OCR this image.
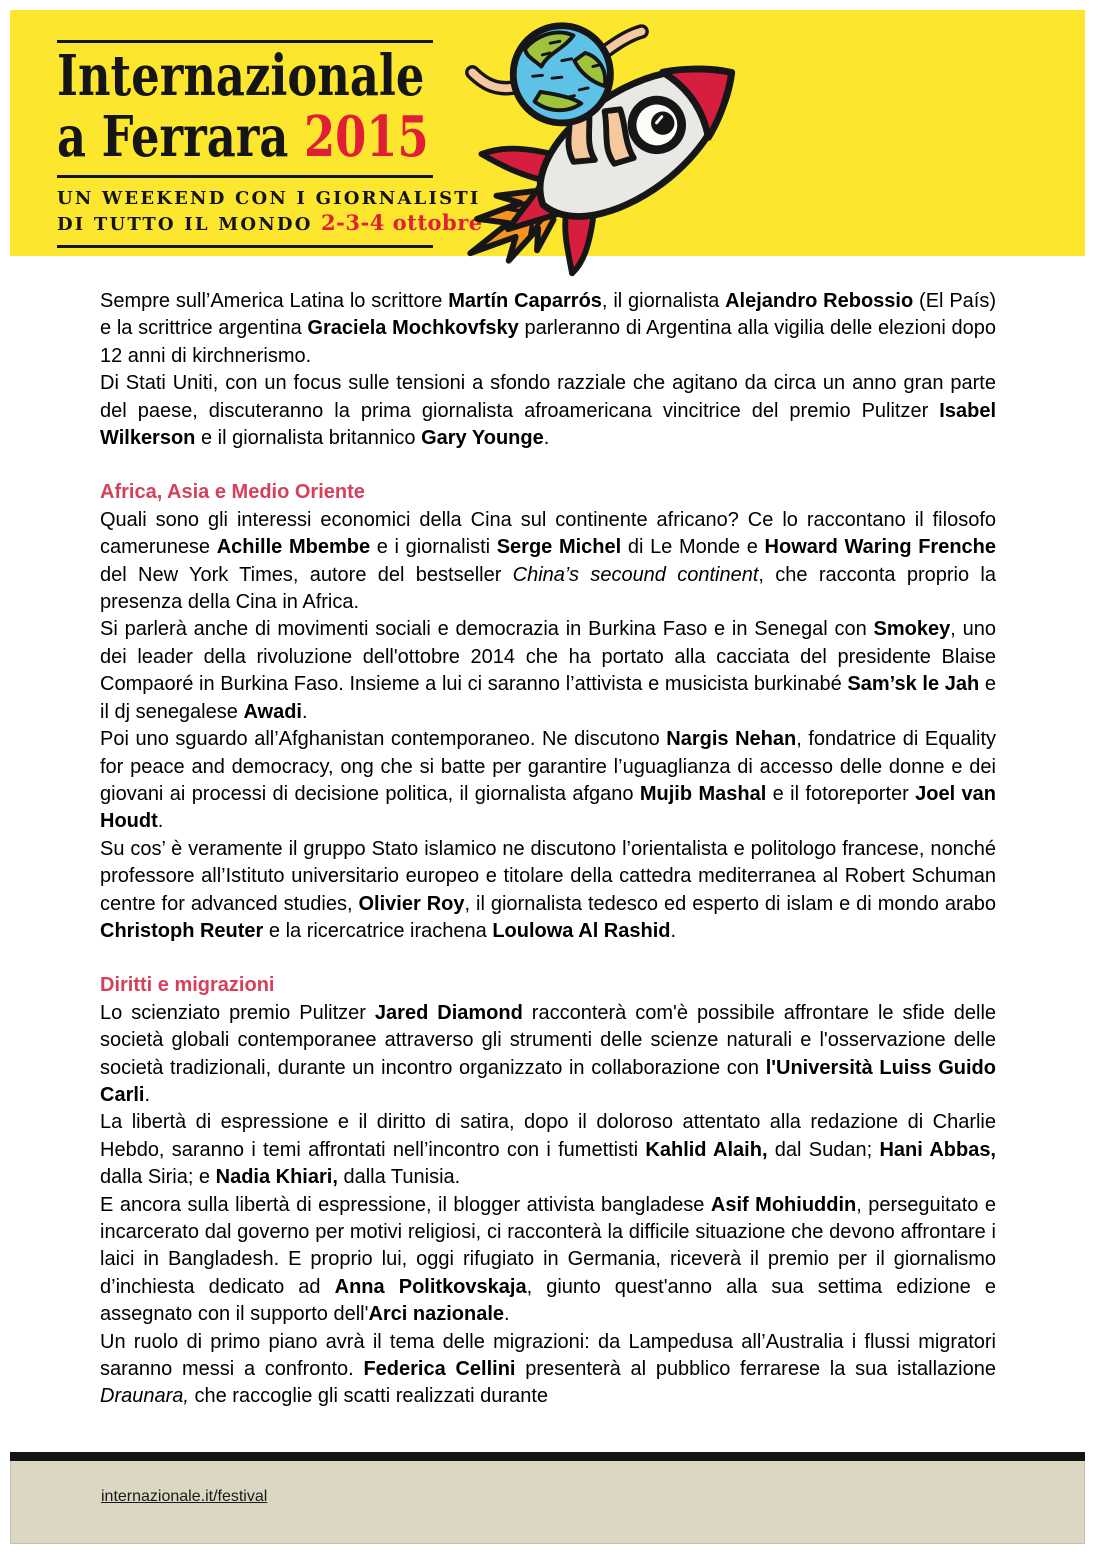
Internazionale
a Ferrara 2015
UN WEEKEND CON I GIORNALISTI
DI TUTTO IL MONDO 2-3-4 ottobre

Sempre sull’America Latina lo scrittore Martín Caparrós, il giornalista Alejandro Rebossio (El País) e la scrittrice argentina Graciela Mochkovfsky parleranno di Argentina alla vigilia delle elezioni dopo 12 anni di kirchnerismo.

Di Stati Uniti, con un focus sulle tensioni a sfondo razziale che agitano da circa un anno gran parte del paese, discuteranno la prima giornalista afroamericana vincitrice del premio Pulitzer Isabel Wilkerson e il giornalista britannico Gary Younge.

Africa, Asia e Medio Oriente

Quali sono gli interessi economici della Cina sul continente africano? Ce lo raccontano il filosofo camerunese Achille Mbembe e i giornalisti Serge Michel di Le Monde e Howard Waring Frenche del New York Times, autore del bestseller China’s secound continent, che racconta proprio la presenza della Cina in Africa.

Si parlerà anche di movimenti sociali e democrazia in Burkina Faso e in Senegal con Smokey, uno dei leader della rivoluzione dell'ottobre 2014 che ha portato alla cacciata del presidente Blaise Compaoré in Burkina Faso. Insieme a lui ci saranno l’attivista e musicista burkinabé Sam’sk le Jah e il dj senegalese Awadi.

Poi uno sguardo all’Afghanistan contemporaneo. Ne discutono Nargis Nehan, fondatrice di Equality for peace and democracy, ong che si batte per garantire l’uguaglianza di accesso delle donne e dei giovani ai processi di decisione politica, il giornalista afgano Mujib Mashal e il fotoreporter Joel van Houdt.

Su cos’ è veramente il gruppo Stato islamico ne discutono l’orientalista e politologo francese, nonché professore all’Istituto universitario europeo e titolare della cattedra mediterranea al Robert Schuman centre for advanced studies, Olivier Roy, il giornalista tedesco ed esperto di islam e di mondo arabo Christoph Reuter e la ricercatrice irachena Loulowa Al Rashid.

Diritti e migrazioni

Lo scienziato premio Pulitzer Jared Diamond racconterà com'è possibile affrontare le sfide delle società globali contemporanee attraverso gli strumenti delle scienze naturali e l'osservazione delle società tradizionali, durante un incontro organizzato in collaborazione con l'Università Luiss Guido Carli.

La libertà di espressione e il diritto di satira, dopo il doloroso attentato alla redazione di Charlie Hebdo, saranno i temi affrontati nell’incontro con i fumettisti Kahlid Alaih, dal Sudan; Hani Abbas, dalla Siria; e Nadia Khiari, dalla Tunisia.

E ancora sulla libertà di espressione, il blogger attivista bangladese Asif Mohiuddin, perseguitato e incarcerato dal governo per motivi religiosi, ci racconterà la difficile situazione che devono affrontare i laici in Bangladesh. E proprio lui, oggi rifugiato in Germania, riceverà il premio per il giornalismo d’inchiesta dedicato ad Anna Politkovskaja, giunto quest'anno alla sua settima edizione e assegnato con il supporto dell'Arci nazionale.

Un ruolo di primo piano avrà il tema delle migrazioni: da Lampedusa all’Australia i flussi migratori saranno messi a confronto. Federica Cellini presenterà al pubblico ferrarese la sua istallazione Draunara, che raccoglie gli scatti realizzati durante

internazionale.it/festival
